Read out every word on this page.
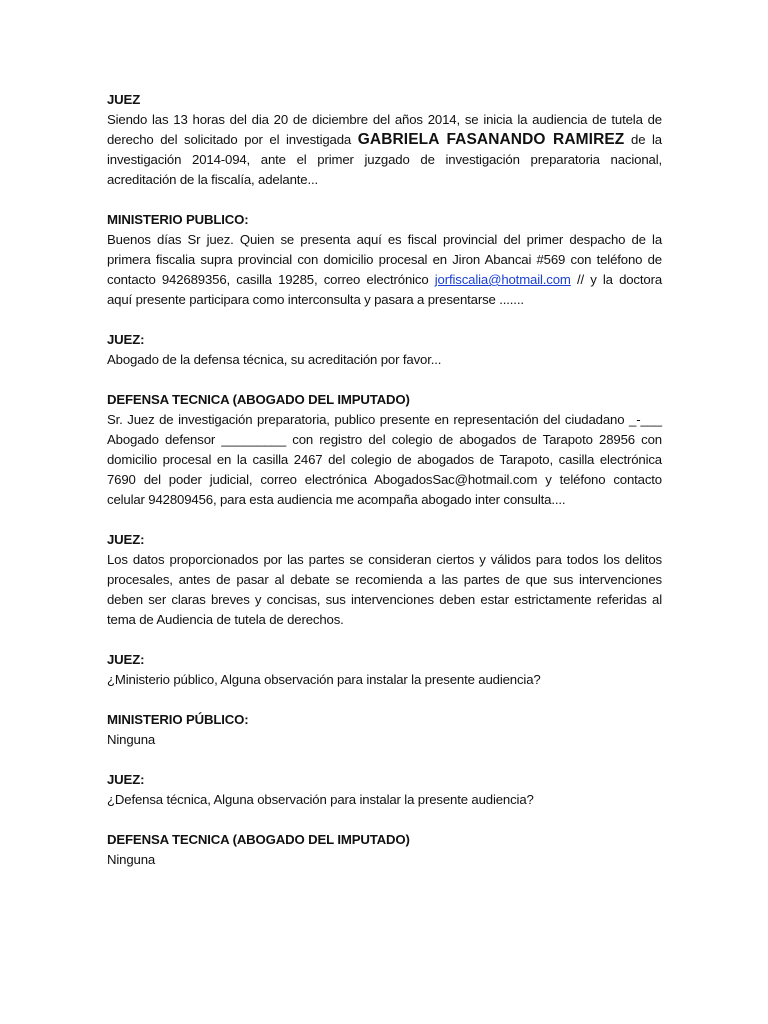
JUEZ
Siendo las 13 horas del dia 20 de diciembre del años 2014, se inicia la audiencia de tutela de derecho del solicitado por el investigada GABRIELA FASANANDO RAMIREZ de la investigación 2014-094, ante el primer juzgado de investigación preparatoria nacional, acreditación de la fiscalía, adelante...
MINISTERIO PUBLICO:
Buenos días Sr juez. Quien se presenta aquí es fiscal provincial del primer despacho de la primera fiscalia supra provincial con domicilio procesal en Jiron Abancai #569 con teléfono de contacto 942689356, casilla 19285, correo electrónico jorfiscalia@hotmail.com // y la doctora aquí presente participara como interconsulta y pasara a presentarse .......
JUEZ:
Abogado de la defensa técnica, su acreditación por favor...
DEFENSA TECNICA (ABOGADO DEL IMPUTADO)
Sr. Juez de investigación preparatoria, publico presente en representación del ciudadano _-___ Abogado defensor _________ con registro del colegio de abogados de Tarapoto 28956 con domicilio procesal en la casilla 2467 del colegio de abogados de Tarapoto, casilla electrónica 7690 del poder judicial, correo electrónica AbogadosSac@hotmail.com y teléfono contacto celular 942809456, para esta audiencia me acompaña abogado inter consulta....
JUEZ:
Los datos proporcionados por las partes se consideran ciertos y válidos para todos los delitos procesales, antes de pasar al debate se recomienda a las partes de que sus intervenciones deben ser claras breves y concisas, sus intervenciones deben estar estrictamente referidas al tema de Audiencia de tutela de derechos.
JUEZ:
¿Ministerio público, Alguna observación para instalar la presente audiencia?
MINISTERIO PÚBLICO:
Ninguna
JUEZ:
¿Defensa técnica, Alguna observación para instalar la presente audiencia?
DEFENSA TECNICA (ABOGADO DEL IMPUTADO)
Ninguna
